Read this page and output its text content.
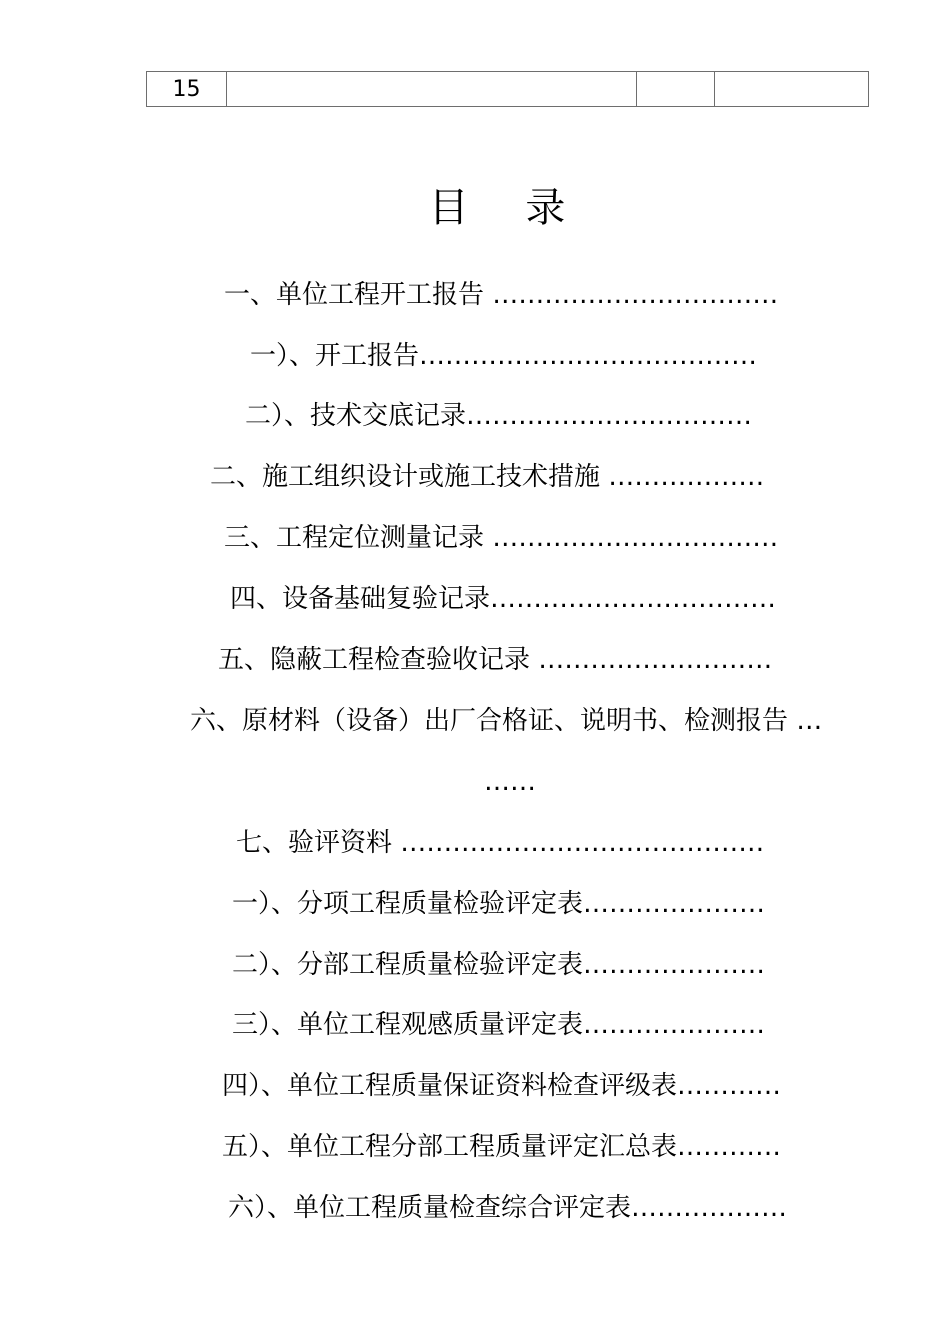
15			
目 录
一、单位工程开工报告 ……………………………
一）、开工报告…………………………………
二）、技术交底记录……………………………
二、施工组织设计或施工技术措施 ………………
三、工程定位测量记录 ……………………………
四、设备基础复验记录……………………………
五、隐蔽工程检查验收记录 ………………………
六、原材料（设备）出厂合格证、说明书、检测报告 …
……
七、验评资料 ……………………………………
一）、分项工程质量检验评定表…………………
二）、分部工程质量检验评定表…………………
三）、单位工程观感质量评定表…………………
四）、单位工程质量保证资料检查评级表…………
五）、单位工程分部工程质量评定汇总表…………
六）、单位工程质量检查综合评定表………………
